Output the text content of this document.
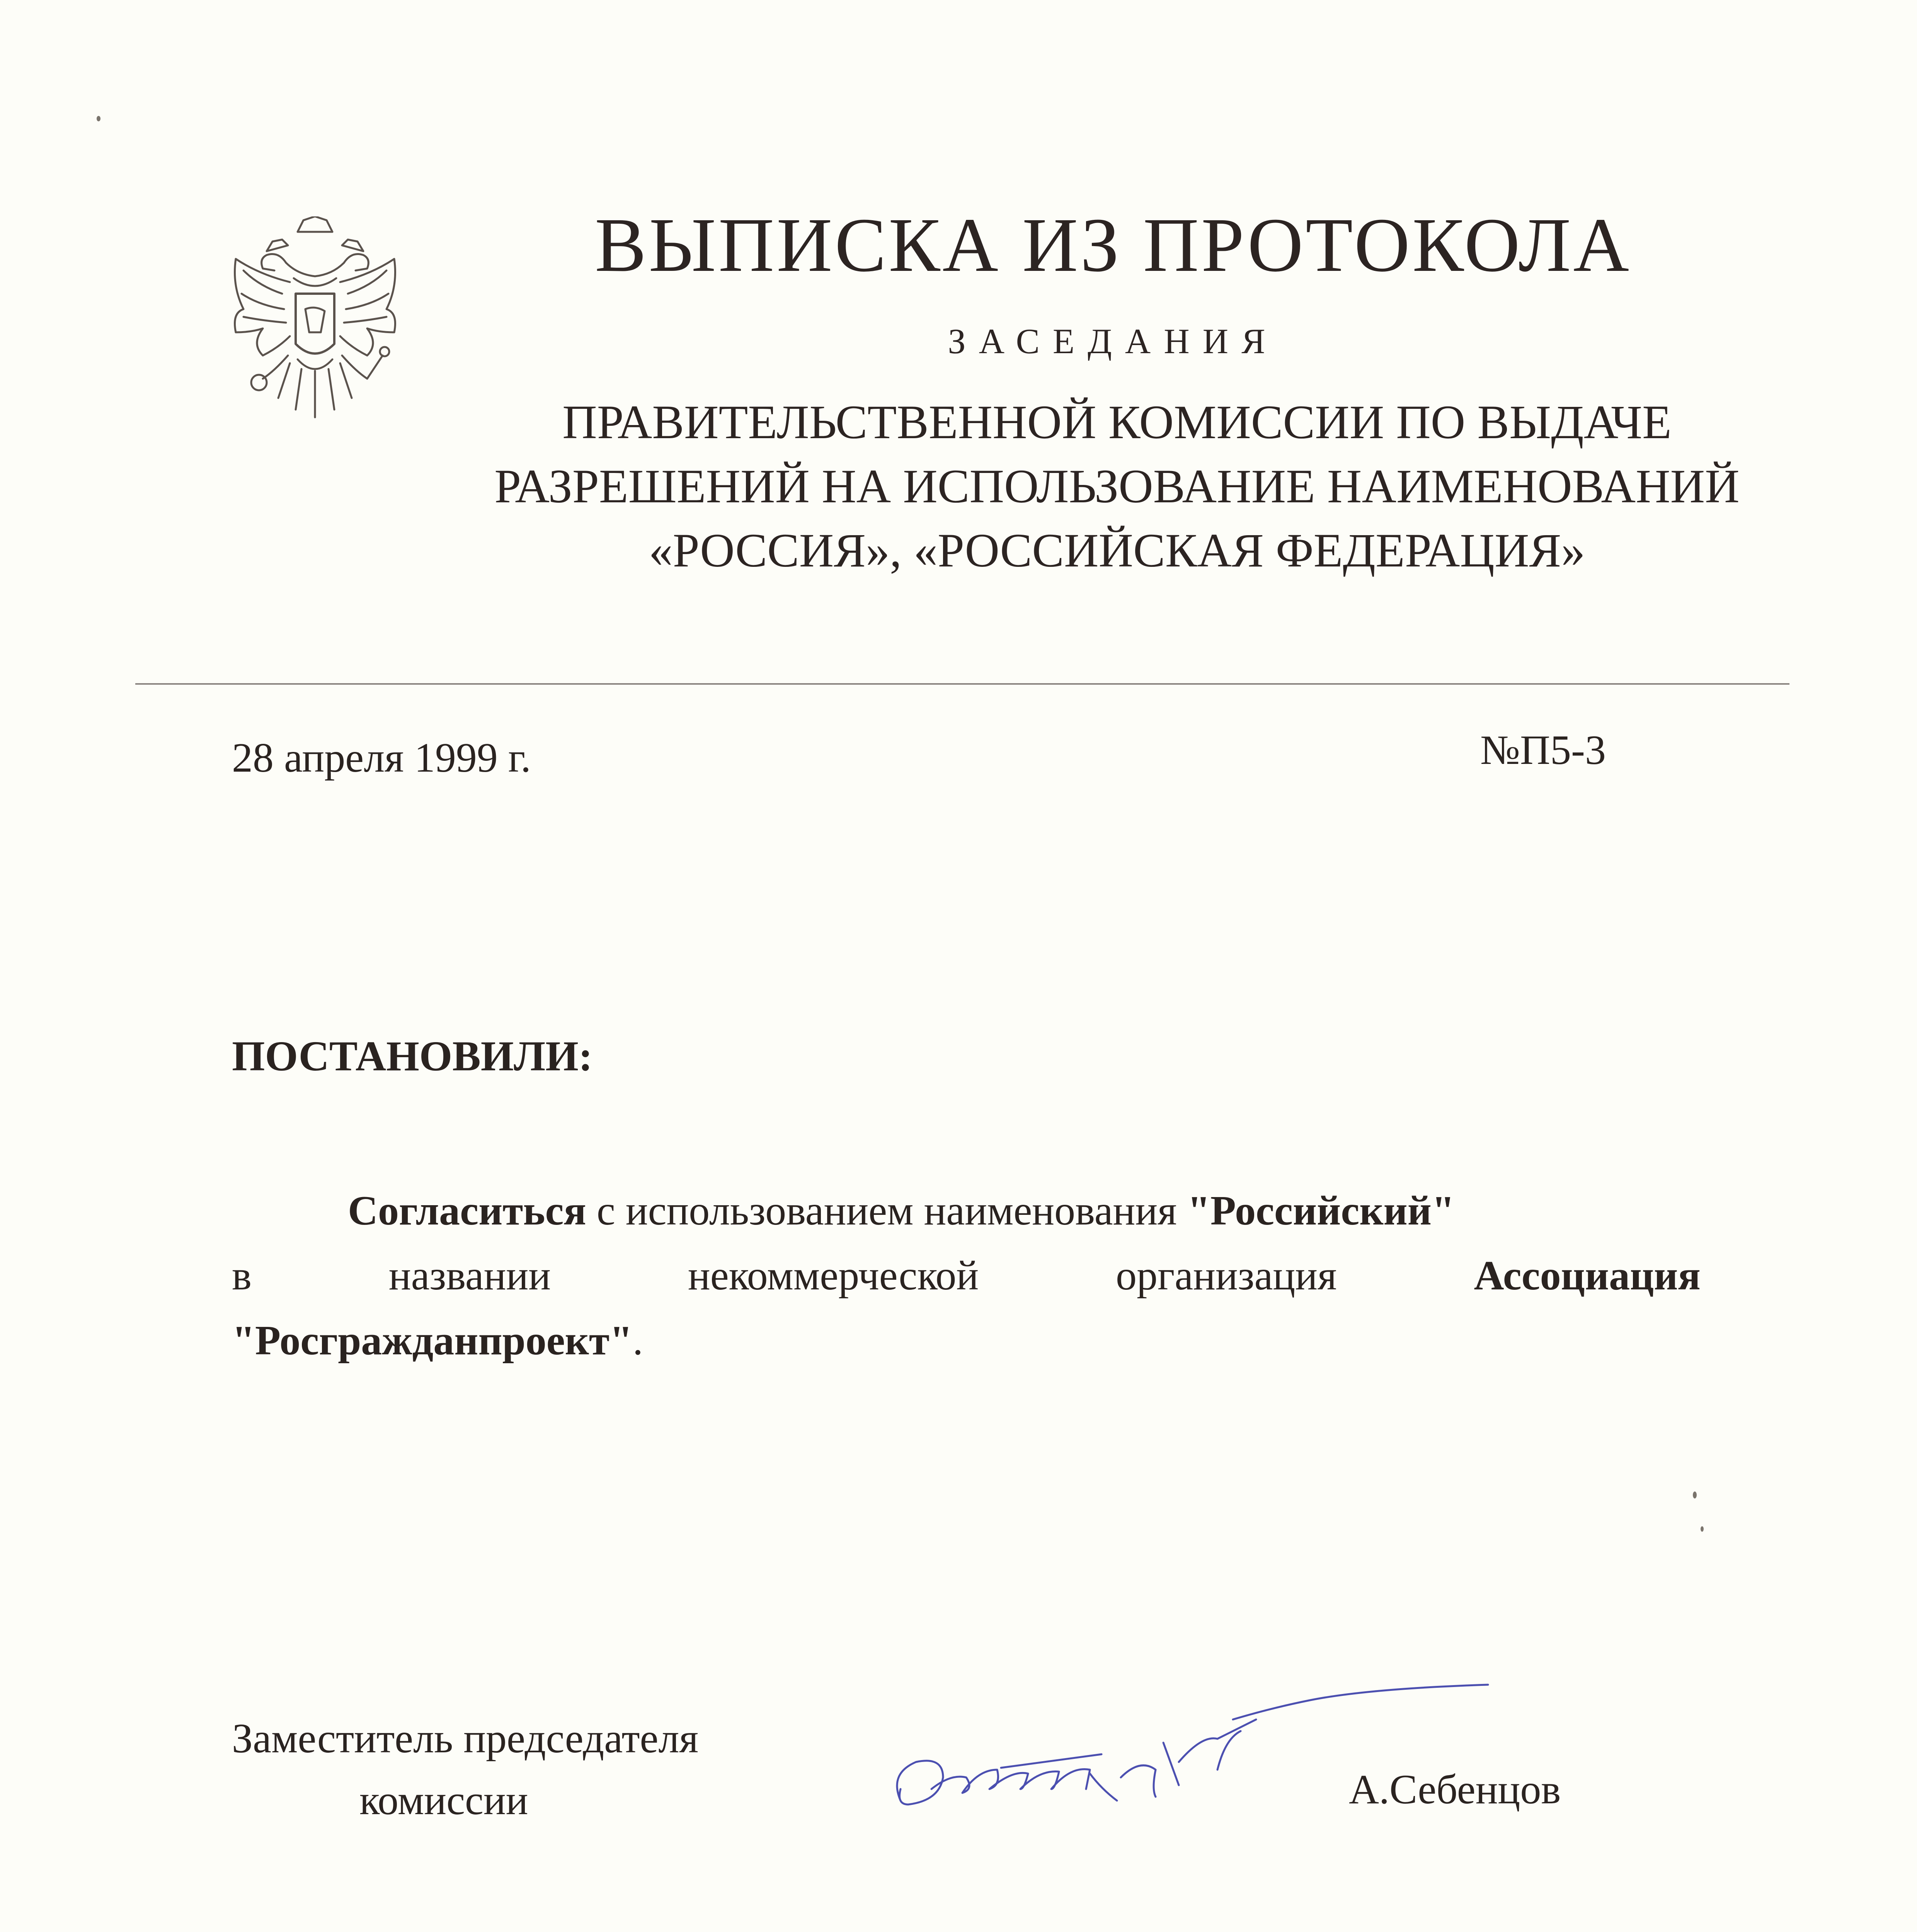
ВЫПИСКА ИЗ ПРОТОКОЛА
ЗАСЕДАНИЯ
ПРАВИТЕЛЬСТВЕННОЙ КОМИССИИ ПО ВЫДАЧЕ
РАЗРЕШЕНИЙ НА ИСПОЛЬЗОВАНИЕ НАИМЕНОВАНИЙ
«РОССИЯ», «РОССИЙСКАЯ ФЕДЕРАЦИЯ»
28 апреля 1999 г.	№П5-3
ПОСТАНОВИЛИ:
Согласиться с использованием наименования "Российский"
в	названии	некоммерческой	организация	Ассоциация
"Росгражданпроект".
Заместитель председателя
комиссии	А.Себенцов
